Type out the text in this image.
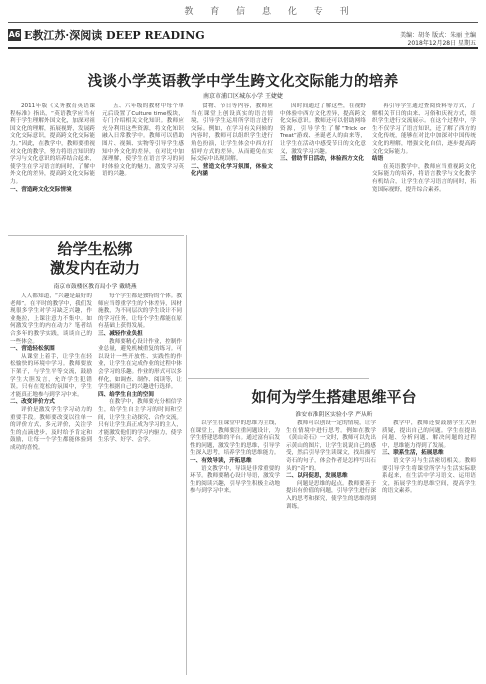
教 育 信 息 化 专 刊
A6 E教江苏·深阅读 DEEP READING	美编：胡冬 版式：朱丽 主编
2018年12月28日 星期五
浅谈小学英语教学中学生跨文化交际能力的培养
南京市浦口区城东小学 王婕婕

2011年版《义务教育英语课程标准》指出，“英语教学应当有利于学生理解外国文化，加深对祖国文化的理解，拓展视野，发展跨文化交际意识，提高跨文化交际能力。”因此，在教学中，教师要重视对文化的教学，努力将语言知识的学习与文化意识的培养结合起来，使学生在学习语言的同时，了解中外文化的差异，提高跨文化交际能力。

一、营造跨文化交际情境

五、六年级的教材中每个单元后设置了Culture time板块，专门介绍相关文化知识。教师应充分利用这些资源，将文化知识融入日常教学中。教师可以借助图片、视频、实物等引导学生感知中外文化的差异，在对比中加深理解，使学生在语言学习的同时体验文化的魅力，激发学习英语的兴趣。

食物、节日等内容，教师应当在课堂上创设真实的语言情境，引导学生运用所学语言进行交际。例如，在学习有关问候的内容时，教师可以组织学生进行角色扮演，让学生体会中西方打招呼方式的差异，从而避免在实际交际中出现误解。

二、营造文化学习氛围，体验文化内涵

因时间通过了解这些，在视野中体验中西方文化差异，提高跨文化交际意识。教师还可以借助网络资源，引导学生了解“Trick or Treat”游戏、圣诞老人的由来等，让学生在活动中感受节日的文化意义，激发学习兴趣。

三、借助节日活动，体验西方文化

再引导学生通过查阅资料等方式，了解相关节日的由来、习俗和庆祝方式，组织学生进行交流展示。在这个过程中，学生不仅学习了语言知识，还了解了西方的文化传统，能够在对比中加深对中国传统文化的理解，增强文化自信，逐步提高跨文化交际能力。

结语

在英语教学中，教师应当重视跨文化交际能力的培养，将语言教学与文化教学有机结合，让学生在学习语言的同时，拓宽国际视野，提升综合素养。

给学生松绑
激发内在动力
南京市鼓楼区教育局小学 戴晓燕

人人都知道，“兴趣是最好的老师”。在平时的教学中，我们发现很多学生对学习缺乏兴趣，作业拖拉，上课注意力不集中。如何激发学生的内在动力？笔者结合多年的教学实践，谈谈自己的一些体会。

一、营造轻松氛围

从课堂上着手，让学生在轻松愉快的环境中学习。教师要放下架子，与学生平等交流，鼓励学生大胆发言，允许学生犯错误。只有在宽松的氛围中，学生才能真正地参与到学习中来。

二、改变评价方式

评价是激发学生学习动力的重要手段。教师要改变以往单一的评价方式，多元评价，关注学生的点滴进步，及时给予肯定和鼓励，让每一个学生都能体验到成功的喜悦。

每个学生都是独特的个体。教师应当尊重学生的个体差异，因材施教，为不同层次的学生设计不同的学习任务，让每个学生都能在原有基础上获得发展。

三、减轻作业负担

教师要精心设计作业，控制作业总量，避免机械重复的练习。可以设计一些开放性、实践性的作业，让学生在完成作业的过程中体会学习的乐趣。作业的形式可以多样化，如调查、制作、阅读等，让学生根据自己的兴趣进行选择。

四、给学生自主的空间

在教学中，教师要充分相信学生，给学生自主学习的时间和空间，让学生主动探究、合作交流。只有让学生真正成为学习的主人，才能激发他们的学习内驱力，使学生乐学、好学、会学。

如何为学生搭建思维平台
淮安市淮阴区实验小学 严从昕

以学生在课堂中的思维为主线，在课堂上，教师要注重问题设计，为学生搭建思维的平台。通过富有启发性的问题，激发学生的思维，引导学生深入思考，培养学生的思维能力。

一、有效导读，开拓思维

语文教学中，导读是非常重要的环节。教师要精心设计导语，激发学生的阅读兴趣，引导学生积极主动地参与到学习中来。

教师可以创设一定的情境，让学生在情境中进行思考。例如在教学《黄山奇石》一文时，教师可以先出示黄山的图片，让学生说说自己的感受，然后引导学生读课文，找出描写奇石的句子，体会作者是怎样写出石头的“奇”的。

二、以问促思，发展思维

问题是思维的起点。教师要善于提出有价值的问题，引导学生进行深入的思考和探究，使学生的思维得到训练。

教学中，教师还要鼓励学生大胆质疑，提出自己的问题。学生在提出问题、分析问题、解决问题的过程中，思维能力得到了发展。

三、联系生活，拓展思维

语文学习与生活密切相关。教师要引导学生将课堂所学与生活实际联系起来，在生活中学习语文、运用语文，拓展学生的思维空间，提高学生的语文素养。
